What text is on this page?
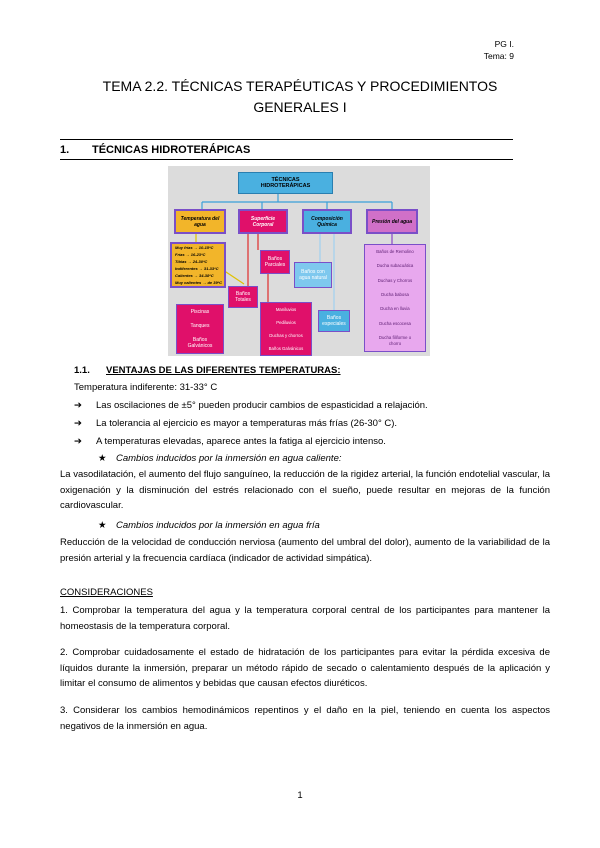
PG I.
Tema: 9
TEMA 2.2. TÉCNICAS TERAPÉUTICAS Y PROCEDIMIENTOS
GENERALES I
1. TÉCNICAS HIDROTERÁPICAS
TÉCNICAS HIDROTERÁPICAS
Temperatura del agua
Superficie Corporal
Composición Química	Presión del agua
Muy frías → 10-15ºC
Frías → 16-23ºC
Tibias → 24-30ºC
Indiferentes → 31-33ºC
Calientes → 34-38ºC
Muy calientes → de 39ºC
Baños Parciales
Baños Totales
Baños con agua natural
Baños especiales
Piscinas
Tanques
Baños Galvánicos
Maniluvios
Pediluvios
Duchas y chorros
Baños Galvánicos
Baños de Remolino
Ducha subacuática
Duchas y Chorros
Ducha babosa
Ducha en lluvia
Ducha escocesa
Ducha filiforme o chorro
1.1. VENTAJAS DE LAS DIFERENTES TEMPERATURAS:
Temperatura indiferente: 31-33° C
➔ Las oscilaciones de ±5° pueden producir cambios de espasticidad a relajación.
➔ La tolerancia al ejercicio es mayor a temperaturas más frías (26-30° C).
➔ A temperaturas elevadas, aparece antes la fatiga al ejercicio intenso.
★ Cambios inducidos por la inmersión en agua caliente:
La vasodilatación, el aumento del flujo sanguíneo, la reducción de la rigidez arterial, la función endotelial vascular, la oxigenación y la disminución del estrés relacionado con el sueño, puede resultar en mejoras de la función cardiovascular.
★ Cambios inducidos por la inmersión en agua fría
Reducción de la velocidad de conducción nerviosa (aumento del umbral del dolor), aumento de la variabilidad de la presión arterial y la frecuencia cardíaca (indicador de actividad simpática).
CONSIDERACIONES
1. Comprobar la temperatura del agua y la temperatura corporal central de los participantes para mantener la homeostasis de la temperatura corporal.
2. Comprobar cuidadosamente el estado de hidratación de los participantes para evitar la pérdida excesiva de líquidos durante la inmersión, preparar un método rápido de secado o calentamiento después de la aplicación y limitar el consumo de alimentos y bebidas que causan efectos diuréticos.
3. Considerar los cambios hemodinámicos repentinos y el daño en la piel, teniendo en cuenta los aspectos negativos de la inmersión en agua.
1
